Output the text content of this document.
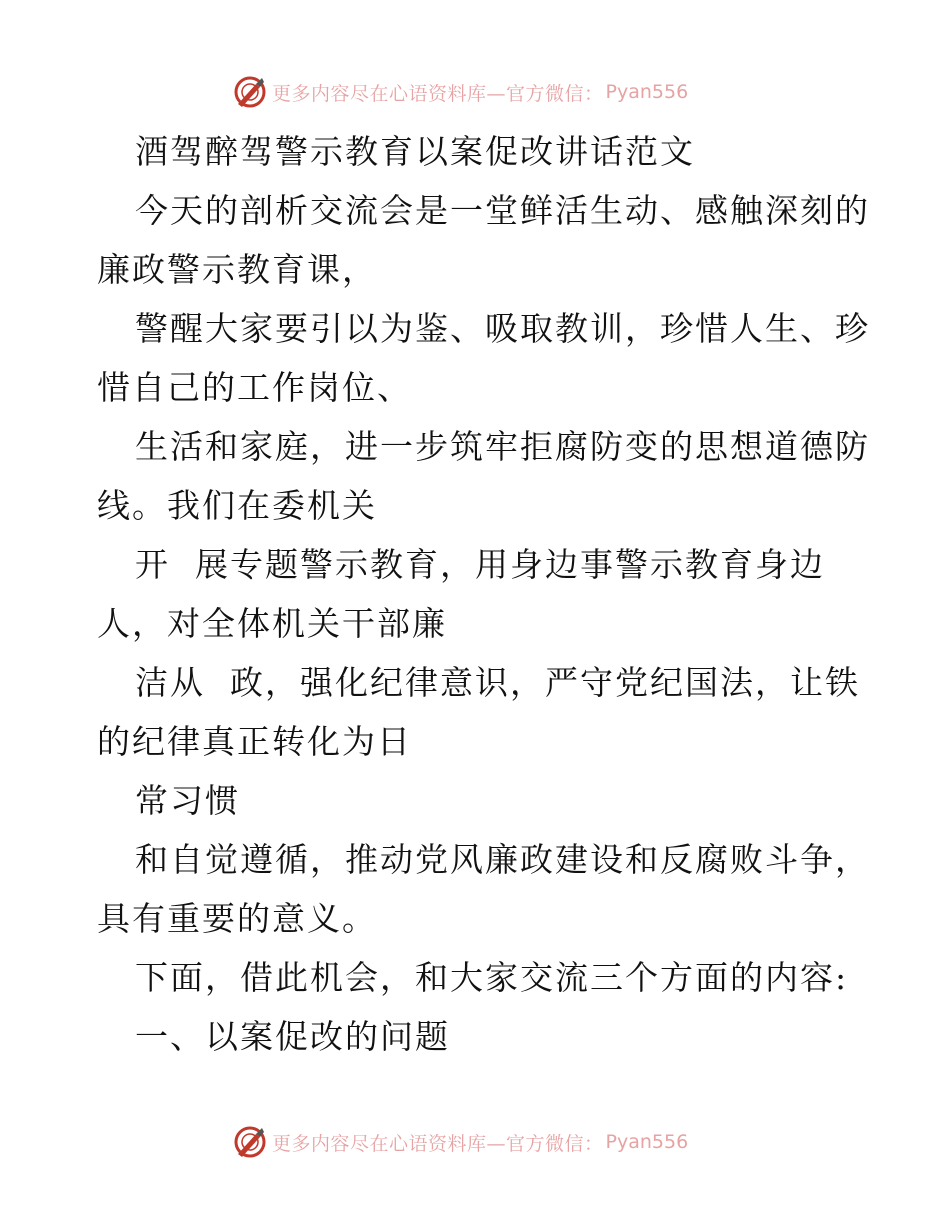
更多内容尽在心语资料库—官方微信： Pyan556

酒驾醉驾警示教育以案促改讲话范文

今天的剖析交流会是一堂鲜活生动、感触深刻的

廉政警示教育课，

警醒大家要引以为鉴、吸取教训，珍惜人生、珍

惜自己的工作岗位、

生活和家庭，进一步筑牢拒腐防变的思想道德防

线。我们在委机关

开  展专题警示教育，用身边事警示教育身边

人，对全体机关干部廉

洁从  政，强化纪律意识，严守党纪国法，让铁

的纪律真正转化为日

常习惯

和自觉遵循，推动党风廉政建设和反腐败斗争，

具有重要的意义。

下面，借此机会，和大家交流三个方面的内容:

一、以案促改的问题

更多内容尽在心语资料库—官方微信： Pyan556
